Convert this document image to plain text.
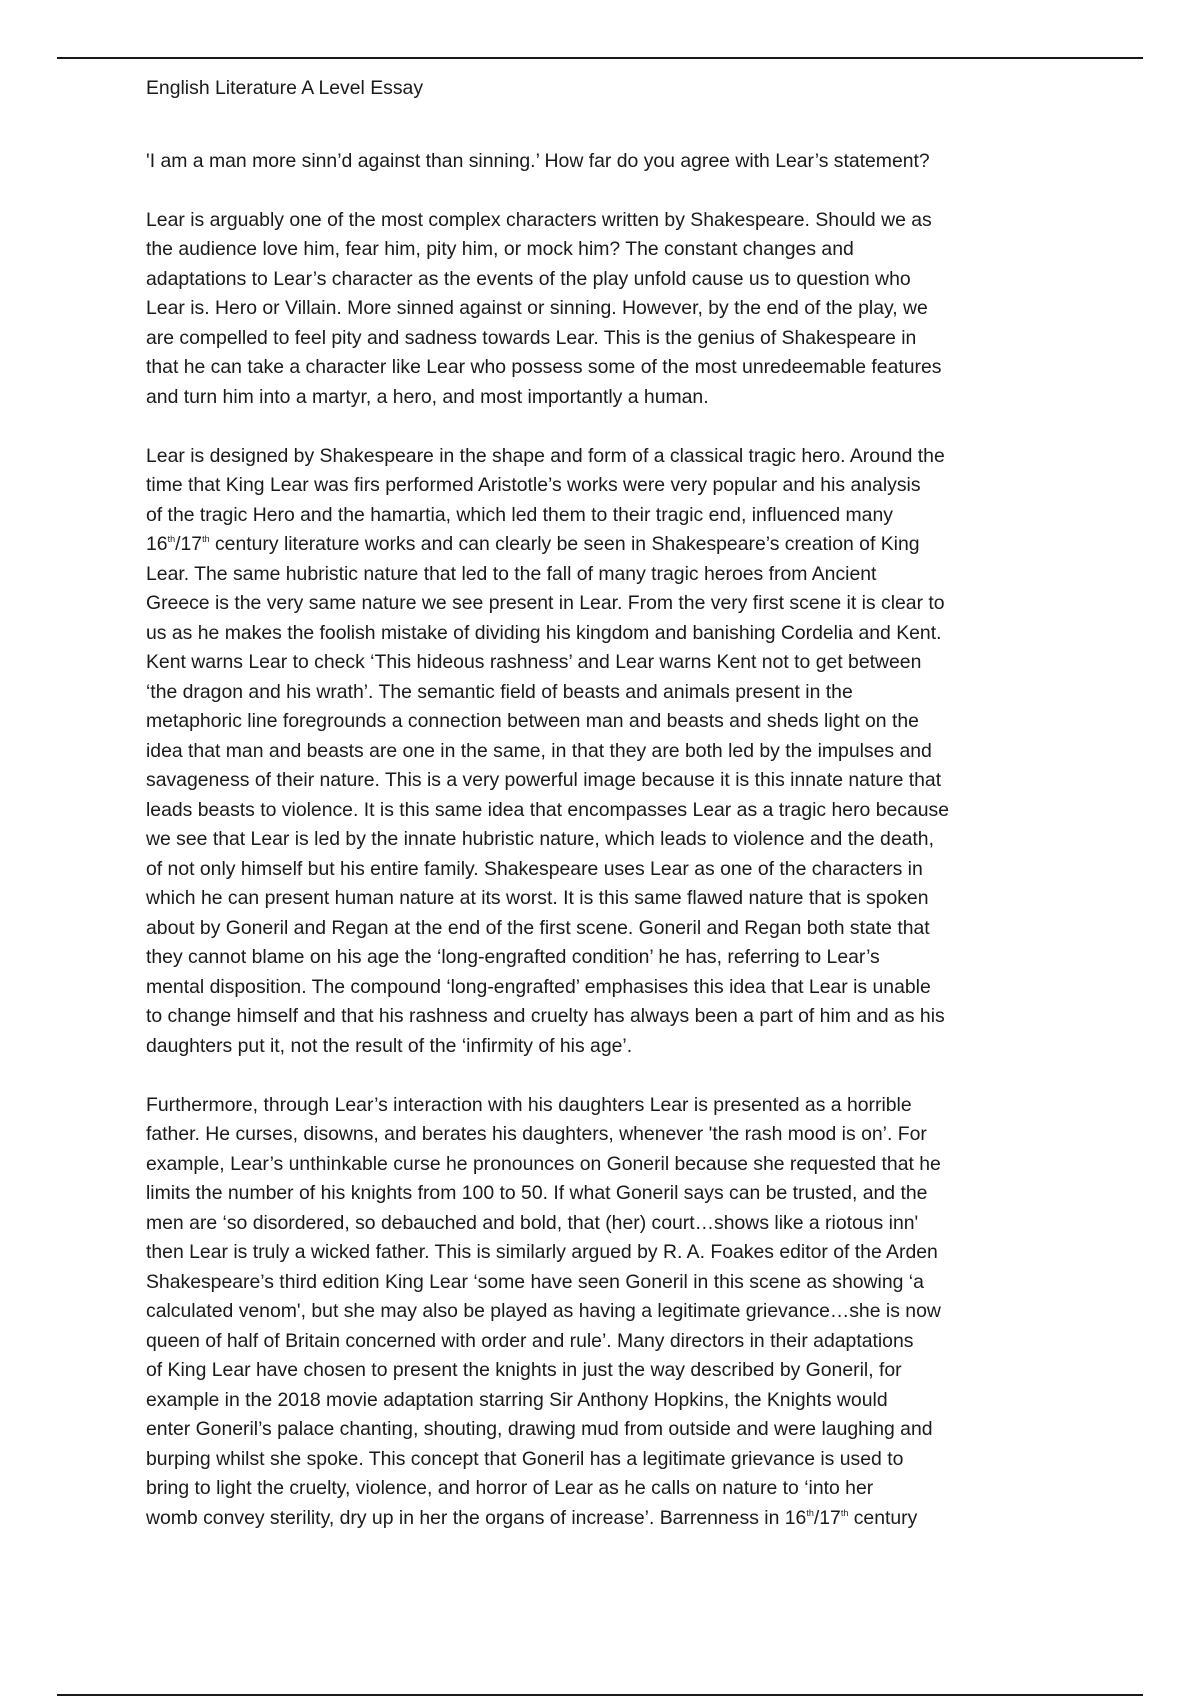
English Literature A Level Essay
'I am a man more sinn’d against than sinning.’ How far do you agree with Lear’s statement?
Lear is arguably one of the most complex characters written by Shakespeare. Should we as
the audience love him, fear him, pity him, or mock him? The constant changes and
adaptations to Lear’s character as the events of the play unfold cause us to question who
Lear is. Hero or Villain. More sinned against or sinning. However, by the end of the play, we
are compelled to feel pity and sadness towards Lear. This is the genius of Shakespeare in
that he can take a character like Lear who possess some of the most unredeemable features
and turn him into a martyr, a hero, and most importantly a human.
Lear is designed by Shakespeare in the shape and form of a classical tragic hero. Around the
time that King Lear was firs performed Aristotle’s works were very popular and his analysis
of the tragic Hero and the hamartia, which led them to their tragic end, influenced many
16th/17th century literature works and can clearly be seen in Shakespeare’s creation of King
Lear. The same hubristic nature that led to the fall of many tragic heroes from Ancient
Greece is the very same nature we see present in Lear. From the very first scene it is clear to
us as he makes the foolish mistake of dividing his kingdom and banishing Cordelia and Kent.
Kent warns Lear to check ‘This hideous rashness’ and Lear warns Kent not to get between
‘the dragon and his wrath’. The semantic field of beasts and animals present in the
metaphoric line foregrounds a connection between man and beasts and sheds light on the
idea that man and beasts are one in the same, in that they are both led by the impulses and
savageness of their nature. This is a very powerful image because it is this innate nature that
leads beasts to violence. It is this same idea that encompasses Lear as a tragic hero because
we see that Lear is led by the innate hubristic nature, which leads to violence and the death,
of not only himself but his entire family. Shakespeare uses Lear as one of the characters in
which he can present human nature at its worst. It is this same flawed nature that is spoken
about by Goneril and Regan at the end of the first scene. Goneril and Regan both state that
they cannot blame on his age the ‘long-engrafted condition’ he has, referring to Lear’s
mental disposition. The compound ‘long-engrafted’ emphasises this idea that Lear is unable
to change himself and that his rashness and cruelty has always been a part of him and as his
daughters put it, not the result of the ‘infirmity of his age’.
Furthermore, through Lear’s interaction with his daughters Lear is presented as a horrible
father. He curses, disowns, and berates his daughters, whenever 'the rash mood is on’. For
example, Lear’s unthinkable curse he pronounces on Goneril because she requested that he
limits the number of his knights from 100 to 50. If what Goneril says can be trusted, and the
men are ‘so disordered, so debauched and bold, that (her) court…shows like a riotous inn'
then Lear is truly a wicked father. This is similarly argued by R. A. Foakes editor of the Arden
Shakespeare’s third edition King Lear ‘some have seen Goneril in this scene as showing ‘a
calculated venom', but she may also be played as having a legitimate grievance…she is now
queen of half of Britain concerned with order and rule’. Many directors in their adaptations
of King Lear have chosen to present the knights in just the way described by Goneril, for
example in the 2018 movie adaptation starring Sir Anthony Hopkins, the Knights would
enter Goneril’s palace chanting, shouting, drawing mud from outside and were laughing and
burping whilst she spoke. This concept that Goneril has a legitimate grievance is used to
bring to light the cruelty, violence, and horror of Lear as he calls on nature to ‘into her
womb convey sterility, dry up in her the organs of increase’. Barrenness in 16th/17th century
